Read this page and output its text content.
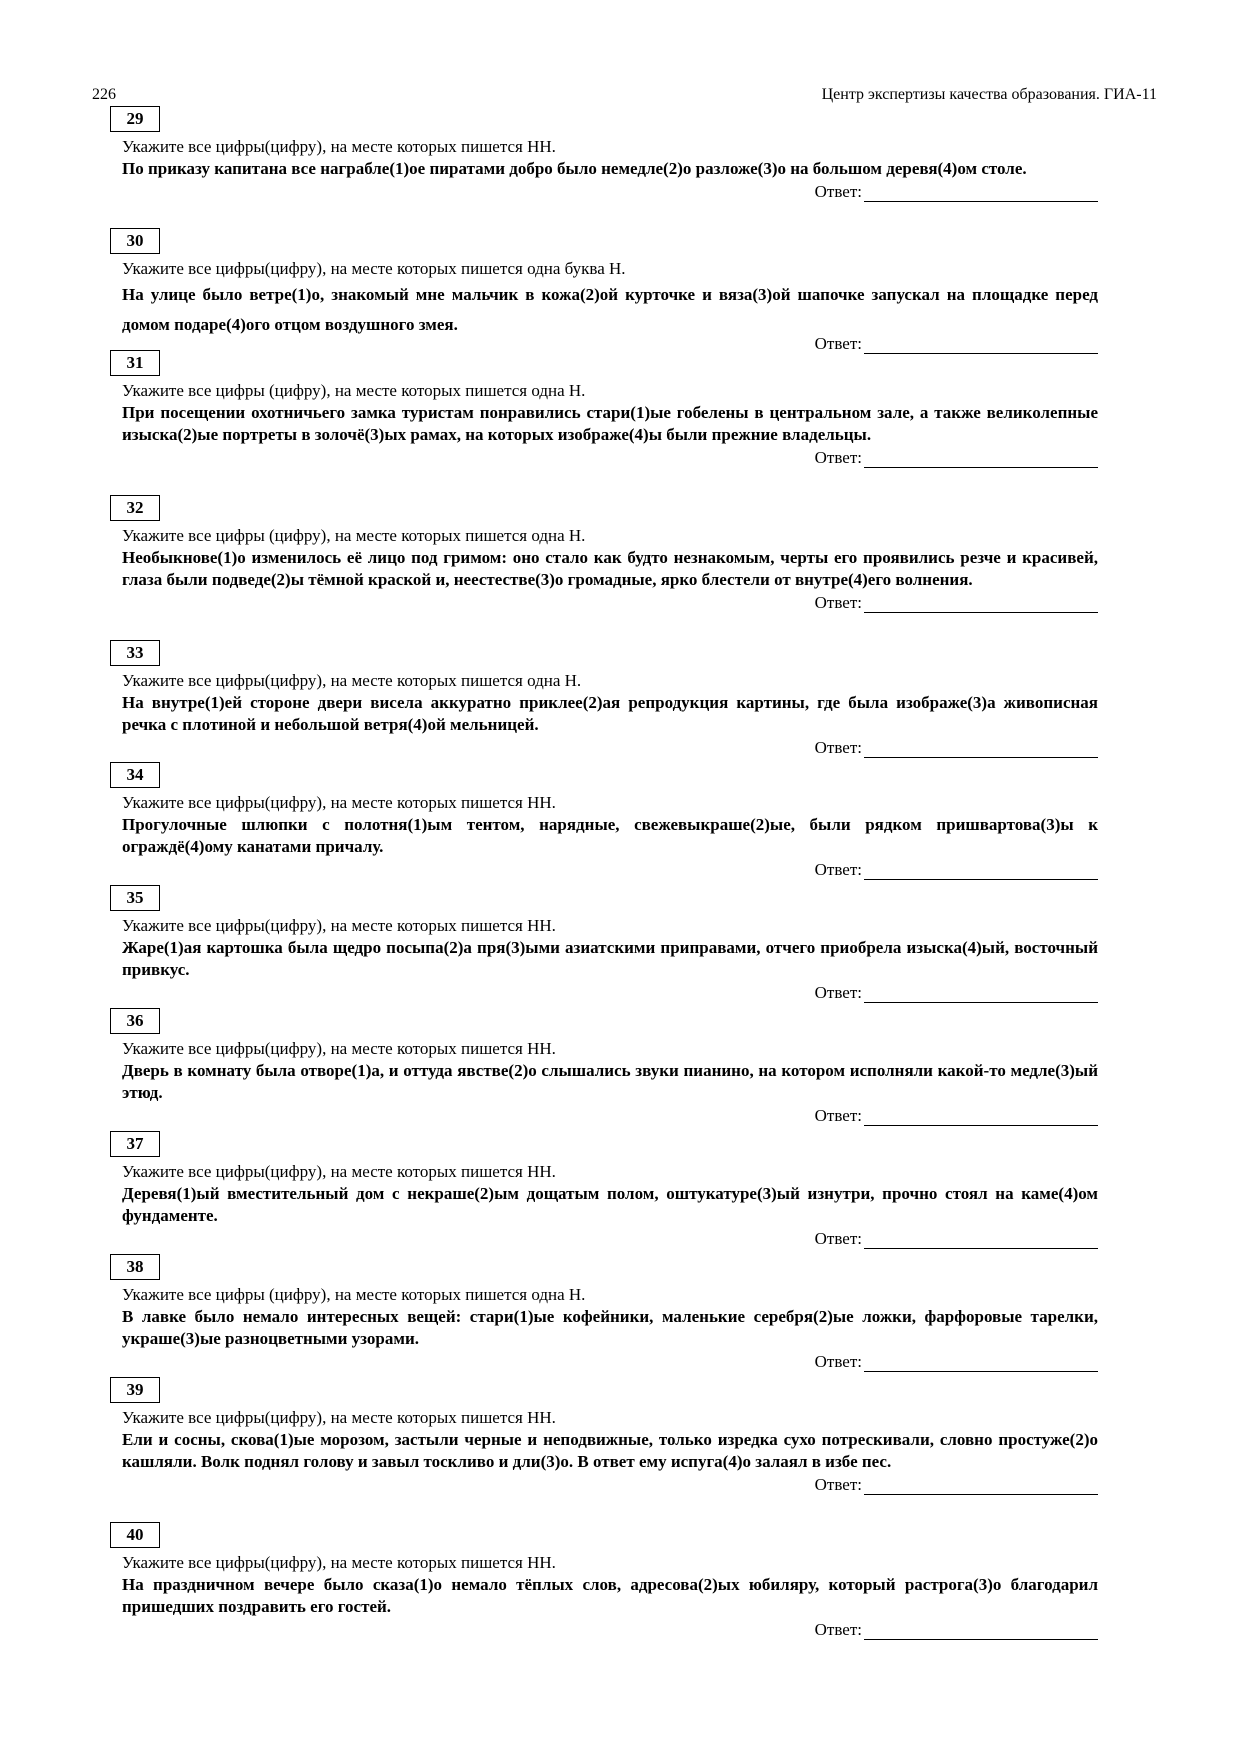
226	Центр экспертизы качества образования. ГИА-11
29
Укажите все цифры(цифру), на месте которых пишется НН.
По приказу капитана все награбле(1)ое пиратами добро было немедле(2)о разложе(3)о на большом деревя(4)ом столе.
Ответ:
30
Укажите все цифры(цифру), на месте которых пишется одна буква Н.
На улице было ветре(1)о, знакомый мне мальчик в кожа(2)ой курточке и вяза(3)ой шапочке запускал на площадке перед домом подаре(4)ого отцом воздушного змея.
Ответ:
31
Укажите все цифры (цифру), на месте которых пишется одна Н.
При посещении охотничьего замка туристам понравились стари(1)ые гобелены в центральном зале, а также великолепные изыска(2)ые портреты в золочё(3)ых рамах, на которых изображе(4)ы были прежние владельцы.
Ответ:
32
Укажите все цифры (цифру), на месте которых пишется одна Н.
Необыкнове(1)о изменилось её лицо под гримом: оно стало как будто незнакомым, черты его проявились резче и красивей, глаза были подведе(2)ы тёмной краской и, неестестве(3)о громадные, ярко блестели от внутре(4)его волнения.
Ответ:
33
Укажите все цифры(цифру), на месте которых пишется одна Н.
На внутре(1)ей стороне двери висела аккуратно приклее(2)ая репродукция картины, где была изображе(3)а живописная речка с плотиной и небольшой ветря(4)ой мельницей.
Ответ:
34
Укажите все цифры(цифру), на месте которых пишется НН.
Прогулочные шлюпки с полотня(1)ым тентом, нарядные, свежевыкраше(2)ые, были рядком пришвартова(3)ы к ограждё(4)ому канатами причалу.
Ответ:
35
Укажите все цифры(цифру), на месте которых пишется НН.
Жаре(1)ая картошка была щедро посыпа(2)а пря(3)ыми азиатскими приправами, отчего приобрела изыска(4)ый, восточный привкус.
Ответ:
36
Укажите все цифры(цифру), на месте которых пишется НН.
Дверь в комнату была отворе(1)а, и оттуда явстве(2)о слышались звуки пианино, на котором исполняли какой-то медле(3)ый этюд.
Ответ:
37
Укажите все цифры(цифру), на месте которых пишется НН.
Деревя(1)ый вместительный дом с некраше(2)ым дощатым полом, оштукатуре(3)ый изнутри, прочно стоял на каме(4)ом фундаменте.
Ответ:
38
Укажите все цифры (цифру), на месте которых пишется одна Н.
В лавке было немало интересных вещей: стари(1)ые кофейники, маленькие серебря(2)ые ложки, фарфоровые тарелки, украше(3)ые разноцветными узорами.
Ответ:
39
Укажите все цифры(цифру), на месте которых пишется НН.
Ели и сосны, скова(1)ые морозом, застыли черные и неподвижные, только изредка сухо потрескивали, словно простуже(2)о кашляли. Волк поднял голову и завыл тоскливо и дли(3)о. В ответ ему испуга(4)о залаял в избе пес.
Ответ:
40
Укажите все цифры(цифру), на месте которых пишется НН.
На праздничном вечере было сказа(1)о немало тёплых слов, адресова(2)ых юбиляру, который растрога(3)о благодарил пришедших поздравить его гостей.
Ответ:
